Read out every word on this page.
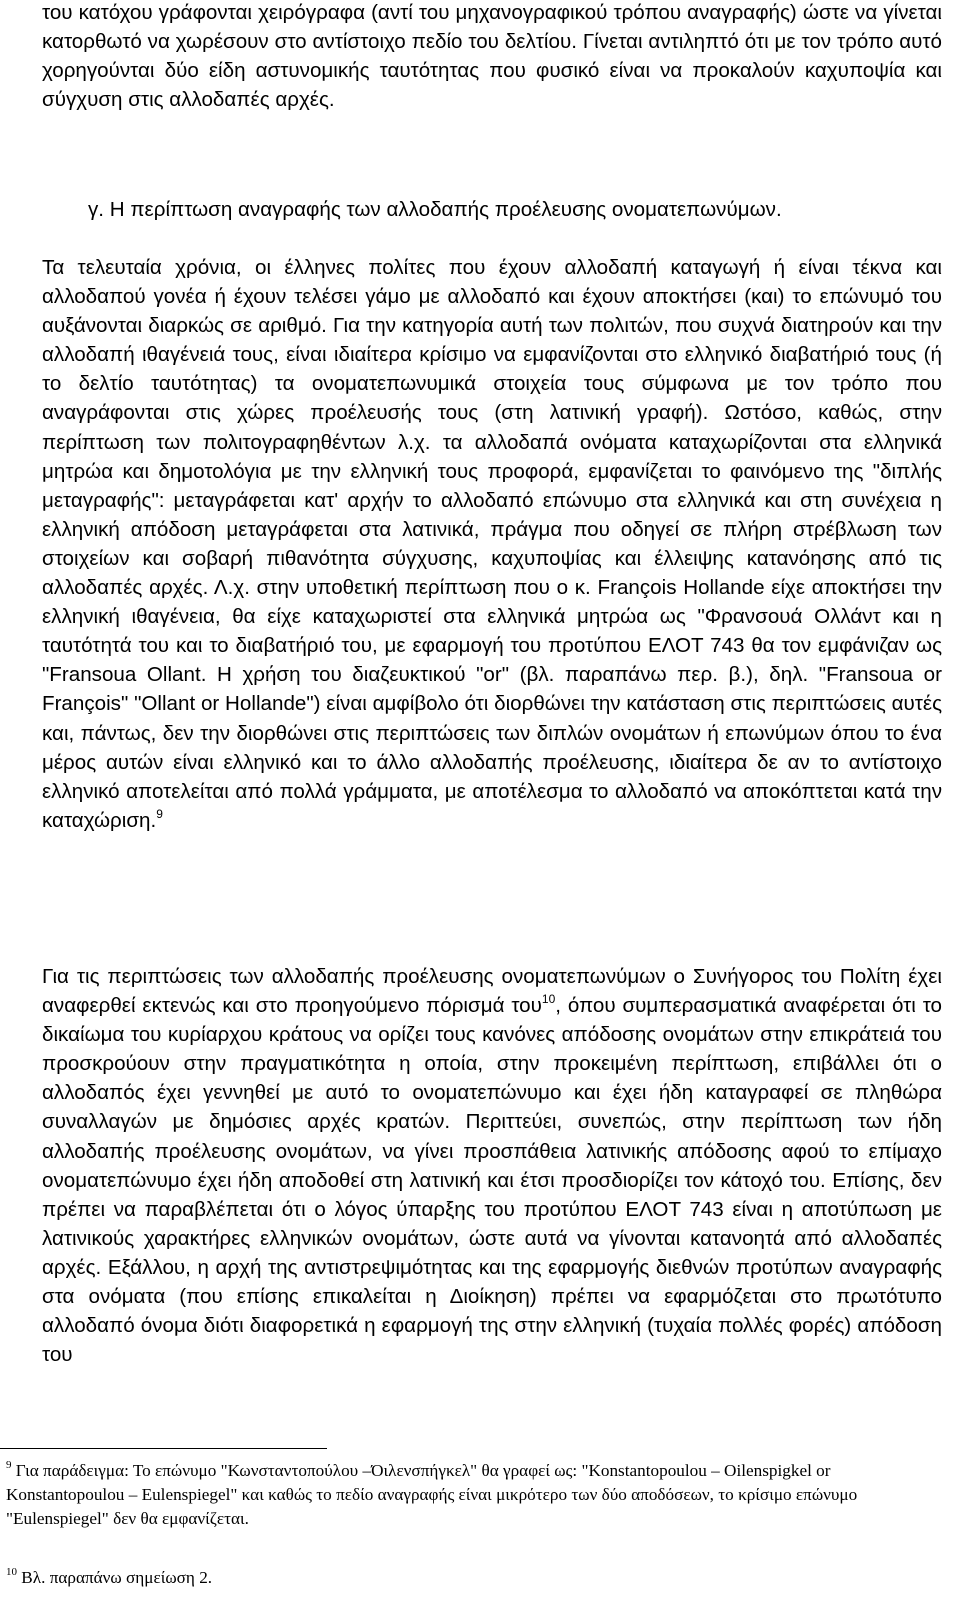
του κατόχου γράφονται χειρόγραφα (αντί του μηχανογραφικού τρόπου αναγραφής) ώστε να γίνεται κατορθωτό να χωρέσουν στο αντίστοιχο πεδίο του δελτίου. Γίνεται αντιληπτό ότι με τον τρόπο αυτό χορηγούνται δύο είδη αστυνομικής ταυτότητας που φυσικό είναι να προκαλούν καχυποψία και σύγχυση στις αλλοδαπές αρχές.

γ. Η περίπτωση αναγραφής των αλλοδαπής προέλευσης ονοματεπωνύμων.

Τα τελευταία χρόνια, οι έλληνες πολίτες που έχουν αλλοδαπή καταγωγή ή είναι τέκνα και αλλοδαπού γονέα ή έχουν τελέσει γάμο με αλλοδαπό και έχουν αποκτήσει (και) το επώνυμό του αυξάνονται διαρκώς σε αριθμό. Για την κατηγορία αυτή των πολιτών, που συχνά διατηρούν και την αλλοδαπή ιθαγένειά τους, είναι ιδιαίτερα κρίσιμο να εμφανίζονται στο ελληνικό διαβατήριό τους (ή το δελτίο ταυτότητας) τα ονοματεπωνυμικά στοιχεία τους σύμφωνα με τον τρόπο που αναγράφονται στις χώρες προέλευσής τους (στη λατινική γραφή). Ωστόσο, καθώς, στην περίπτωση των πολιτογραφηθέντων λ.χ. τα αλλοδαπά ονόματα καταχωρίζονται στα ελληνικά μητρώα και δημοτολόγια με την ελληνική τους προφορά, εμφανίζεται το φαινόμενο της "διπλής μεταγραφής": μεταγράφεται κατ' αρχήν το αλλοδαπό επώνυμο στα ελληνικά και στη συνέχεια η ελληνική απόδοση μεταγράφεται στα λατινικά, πράγμα που οδηγεί σε πλήρη στρέβλωση των στοιχείων και σοβαρή πιθανότητα σύγχυσης, καχυποψίας και έλλειψης κατανόησης από τις αλλοδαπές αρχές. Λ.χ. στην υποθετική περίπτωση που ο κ. François Hollande είχε αποκτήσει την ελληνική ιθαγένεια, θα είχε καταχωριστεί στα ελληνικά μητρώα ως "Φρανσουά Ολλάντ και η ταυτότητά του και το διαβατήριό του, με εφαρμογή του προτύπου ΕΛΟΤ 743 θα τον εμφάνιζαν ως "Fransoua Ollant. Η χρήση του διαζευκτικού "or" (βλ. παραπάνω περ. β.), δηλ. "Fransoua or François" "Ollant or Hollande") είναι αμφίβολο ότι διορθώνει την κατάσταση στις περιπτώσεις αυτές και, πάντως, δεν την διορθώνει στις περιπτώσεις των διπλών ονομάτων ή επωνύμων όπου το ένα μέρος αυτών είναι ελληνικό και το άλλο αλλοδαπής προέλευσης, ιδιαίτερα δε αν το αντίστοιχο ελληνικό αποτελείται από πολλά γράμματα, με αποτέλεσμα το αλλοδαπό να αποκόπτεται κατά την καταχώριση.$^9$

Για τις περιπτώσεις των αλλοδαπής προέλευσης ονοματεπωνύμων ο Συνήγορος του Πολίτη έχει αναφερθεί εκτενώς και στο προηγούμενο πόρισμά του$^{10}$, όπου συμπερασματικά αναφέρεται ότι το δικαίωμα του κυρίαρχου κράτους να ορίζει τους κανόνες απόδοσης ονομάτων στην επικράτειά του προσκρούουν στην πραγματικότητα η οποία, στην προκειμένη περίπτωση, επιβάλλει ότι ο αλλοδαπός έχει γεννηθεί με αυτό το ονοματεπώνυμο και έχει ήδη καταγραφεί σε πληθώρα συναλλαγών με δημόσιες αρχές κρατών. Περιττεύει, συνεπώς, στην περίπτωση των ήδη αλλοδαπής προέλευσης ονομάτων, να γίνει προσπάθεια λατινικής απόδοσης αφού το επίμαχο ονοματεπώνυμο έχει ήδη αποδοθεί στη λατινική και έτσι προσδιορίζει τον κάτοχό του. Επίσης, δεν πρέπει να παραβλέπεται ότι ο λόγος ύπαρξης του προτύπου ΕΛΟΤ 743 είναι η αποτύπωση με λατινικούς χαρακτήρες ελληνικών ονομάτων, ώστε αυτά να γίνονται κατανοητά από αλλοδαπές αρχές. Εξάλλου, η αρχή της αντιστρεψιμότητας και της εφαρμογής διεθνών προτύπων αναγραφής στα ονόματα (που επίσης επικαλείται η Διοίκηση) πρέπει να εφαρμόζεται στο πρωτότυπο αλλοδαπό όνομα διότι διαφορετικά η εφαρμογή της στην ελληνική (τυχαία πολλές φορές) απόδοση του

$^9$ Για παράδειγμα: Το επώνυμο "Κωνσταντοπούλου –Όιλενσπήγκελ" θα γραφεί ως: "Konstantopoulou – Oilenspigkel or Konstantopoulou – Eulenspiegel" και καθώς το πεδίο αναγραφής είναι μικρότερο των δύο αποδόσεων, το κρίσιμο επώνυμο "Eulenspiegel" δεν θα εμφανίζεται.

$^{10}$ Βλ. παραπάνω σημείωση 2.
